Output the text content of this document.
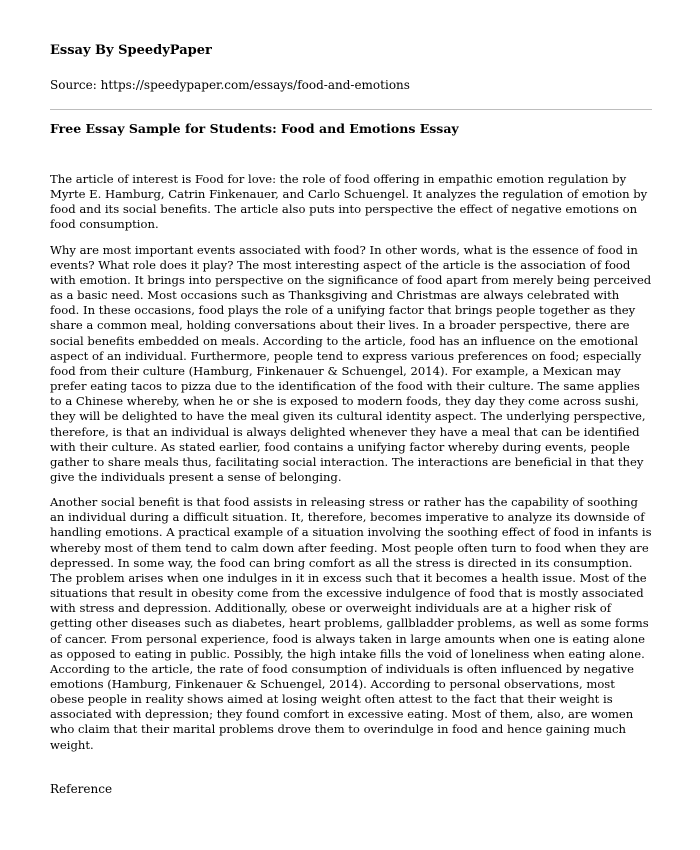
Essay By SpeedyPaper

Source: https://speedypaper.com/essays/food-and-emotions

Free Essay Sample for Students: Food and Emotions Essay

The article of interest is Food for love: the role of food offering in empathic emotion regulation by Myrte E. Hamburg, Catrin Finkenauer, and Carlo Schuengel. It analyzes the regulation of emotion by food and its social benefits. The article also puts into perspective the effect of negative emotions on food consumption.

Why are most important events associated with food? In other words, what is the essence of food in events? What role does it play? The most interesting aspect of the article is the association of food with emotion. It brings into perspective on the significance of food apart from merely being perceived as a basic need. Most occasions such as Thanksgiving and Christmas are always celebrated with food. In these occasions, food plays the role of a unifying factor that brings people together as they share a common meal, holding conversations about their lives. In a broader perspective, there are social benefits embedded on meals. According to the article, food has an influence on the emotional aspect of an individual. Furthermore, people tend to express various preferences on food; especially food from their culture (Hamburg, Finkenauer & Schuengel, 2014). For example, a Mexican may prefer eating tacos to pizza due to the identification of the food with their culture. The same applies to a Chinese whereby, when he or she is exposed to modern foods, they day they come across sushi, they will be delighted to have the meal given its cultural identity aspect. The underlying perspective, therefore, is that an individual is always delighted whenever they have a meal that can be identified with their culture. As stated earlier, food contains a unifying factor whereby during events, people gather to share meals thus, facilitating social interaction. The interactions are beneficial in that they give the individuals present a sense of belonging.

Another social benefit is that food assists in releasing stress or rather has the capability of soothing an individual during a difficult situation. It, therefore, becomes imperative to analyze its downside of handling emotions. A practical example of a situation involving the soothing effect of food in infants is whereby most of them tend to calm down after feeding. Most people often turn to food when they are depressed. In some way, the food can bring comfort as all the stress is directed in its consumption. The problem arises when one indulges in it in excess such that it becomes a health issue. Most of the situations that result in obesity come from the excessive indulgence of food that is mostly associated with stress and depression. Additionally, obese or overweight individuals are at a higher risk of getting other diseases such as diabetes, heart problems, gallbladder problems, as well as some forms of cancer. From personal experience, food is always taken in large amounts when one is eating alone as opposed to eating in public. Possibly, the high intake fills the void of loneliness when eating alone. According to the article, the rate of food consumption of individuals is often influenced by negative emotions (Hamburg, Finkenauer & Schuengel, 2014). According to personal observations, most obese people in reality shows aimed at losing weight often attest to the fact that their weight is associated with depression; they found comfort in excessive eating. Most of them, also, are women who claim that their marital problems drove them to overindulge in food and hence gaining much weight.

Reference
